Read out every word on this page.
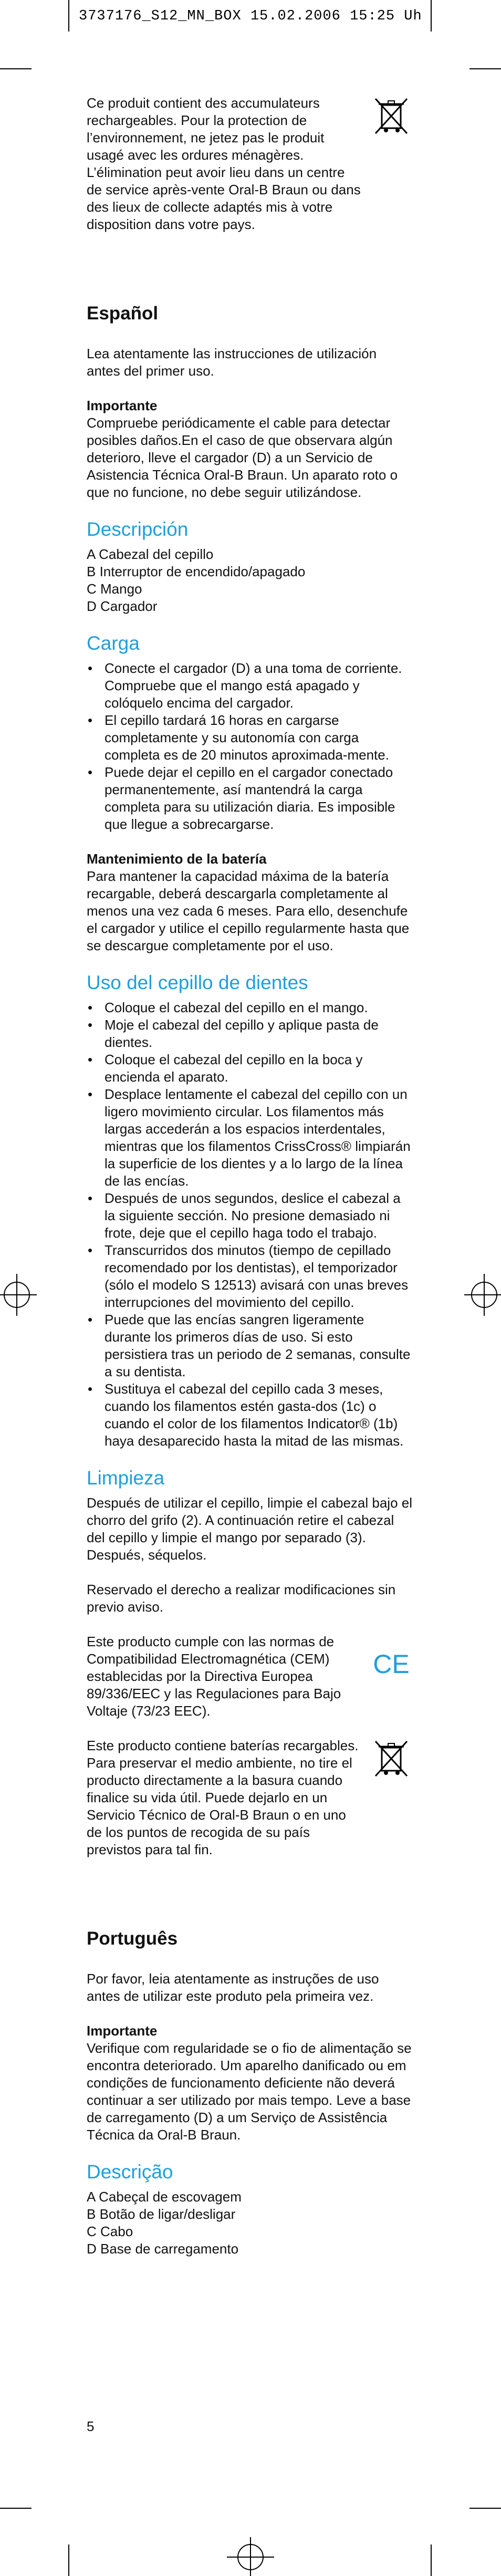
3737176_S12_MN_BOX 15.02.2006 15:25 Uh

Ce produit contient des accumulateurs rechargeables. Pour la protection de l’environnement, ne jetez pas le produit usagé avec les ordures ménagères. L’élimination peut avoir lieu dans un centre de service après-vente Oral-B Braun ou dans des lieux de collecte adaptés mis à votre disposition dans votre pays.

Español

Lea atentamente las instrucciones de utilización antes del primer uso.

Importante

Compruebe periódicamente el cable para detectar posibles daños.En el caso de que observara algún deterioro, lleve el cargador (D) a un Servicio de Asistencia Técnica Oral-B Braun. Un aparato roto o que no funcione, no debe seguir utilizándose.

Descripción

A Cabezal del cepillo

B Interruptor de encendido/apagado

C Mango

D Cargador

Carga
• Conecte el cargador (D) a una toma de corriente. Compruebe que el mango está apagado y colóquelo encima del cargador.
• El cepillo tardará 16 horas en cargarse completamente y su autonomía con carga completa es de 20 minutos aproximada-mente.
• Puede dejar el cepillo en el cargador conectado permanentemente, así mantendrá la carga completa para su utilización diaria. Es imposible que llegue a sobrecargarse.

Mantenimiento de la batería

Para mantener la capacidad máxima de la batería recargable, deberá descargarla completamente al menos una vez cada 6 meses. Para ello, desenchufe el cargador y utilice el cepillo regularmente hasta que se descargue completamente por el uso.

Uso del cepillo de dientes
• Coloque el cabezal del cepillo en el mango.
• Moje el cabezal del cepillo y aplique pasta de dientes.
• Coloque el cabezal del cepillo en la boca y encienda el aparato.
• Desplace lentamente el cabezal del cepillo con un ligero movimiento circular. Los filamentos más largas accederán a los espacios interdentales, mientras que los filamentos CrissCross® limpiarán la superficie de los dientes y a lo largo de la línea de las encías.
• Después de unos segundos, deslice el cabezal a la siguiente sección. No presione demasiado ni frote, deje que el cepillo haga todo el trabajo.
• Transcurridos dos minutos (tiempo de cepillado recomendado por los dentistas), el temporizador (sólo el modelo S 12513) avisará con unas breves interrupciones del movimiento del cepillo.
• Puede que las encías sangren ligeramente durante los primeros días de uso. Si esto persistiera tras un periodo de 2 semanas, consulte a su dentista.
• Sustituya el cabezal del cepillo cada 3 meses, cuando los filamentos estén gasta-dos (1c) o cuando el color de los filamentos Indicator® (1b) haya desaparecido hasta la mitad de las mismas.
Limpieza

Después de utilizar el cepillo, limpie el cabezal bajo el chorro del grifo (2). A continuación retire el cabezal del cepillo y limpie el mango por separado (3). Después, séquelos.

Reservado el derecho a realizar modificaciones sin previo aviso.

Este producto cumple con las normas de Compatibilidad Electromagnética (CEM) establecidas por la Directiva Europea 89/336/EEC y las Regulaciones para Bajo Voltaje (73/23 EEC).

CE

Este producto contiene baterías recargables. Para preservar el medio ambiente, no tire el producto directamente a la basura cuando finalice su vida útil. Puede dejarlo en un Servicio Técnico de Oral-B Braun o en uno de los puntos de recogida de su país previstos para tal fin.

Português

Por favor, leia atentamente as instruções de uso antes de utilizar este produto pela primeira vez.

Importante

Verifique com regularidade se o fio de alimentação se encontra deteriorado. Um aparelho danificado ou em condições de funcionamento deficiente não deverá continuar a ser utilizado por mais tempo. Leve a base de carregamento (D) a um Serviço de Assistência Técnica da Oral-B Braun.

Descrição

A Cabeçal de escovagem

B Botão de ligar/desligar

C Cabo

D Base de carregamento

5
